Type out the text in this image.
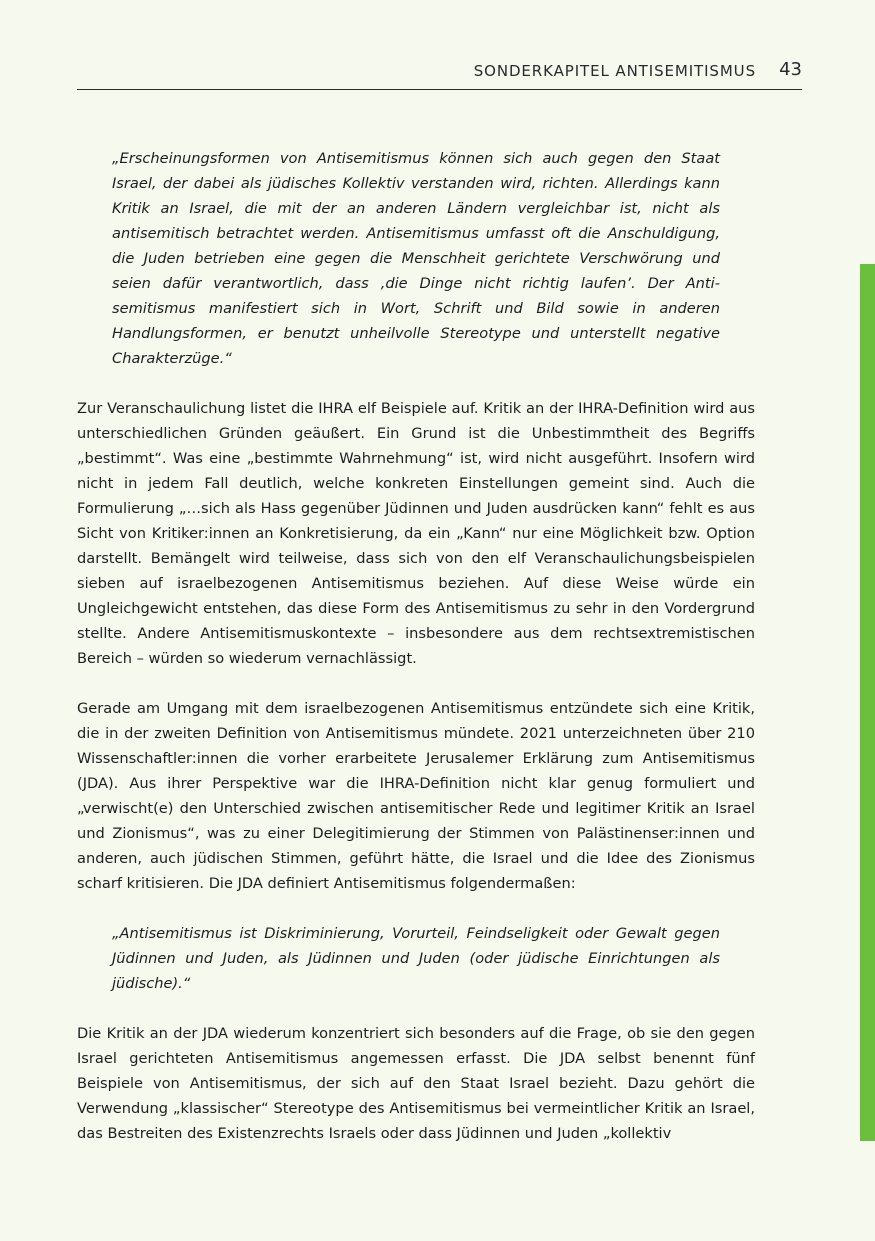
SONDERKAPITEL ANTISEMITISMUS 43

„Erscheinungsformen von Antisemitismus können sich auch gegen den Staat Israel, der dabei als jüdisches Kollektiv verstanden wird, richten. Allerdings kann Kritik an Israel, die mit der an anderen Ländern vergleichbar ist, nicht als antisemitisch betrachtet werden. Antisemitismus umfasst oft die Anschuldigung, die Juden betrieben eine gegen die Menschheit gerichtete Verschwörung und seien dafür verantwortlich, dass ‚die Dinge nicht richtig laufen’. Der Antisemitismus manifestiert sich in Wort, Schrift und Bild sowie in anderen Handlungsformen, er benutzt unheilvolle Stereotype und unterstellt negative Charakterzüge.“

Zur Veranschaulichung listet die IHRA elf Beispiele auf. Kritik an der IHRA-Definition wird aus unterschiedlichen Gründen geäußert. Ein Grund ist die Unbestimmtheit des Begriffs „bestimmt“. Was eine „bestimmte Wahrnehmung“ ist, wird nicht ausgeführt. Insofern wird nicht in jedem Fall deutlich, welche konkreten Einstellungen gemeint sind. Auch die Formulierung „…sich als Hass gegenüber Jüdinnen und Juden ausdrücken kann“ fehlt es aus Sicht von Kritiker:innen an Konkretisierung, da ein „Kann“ nur eine Möglichkeit bzw. Option darstellt. Bemängelt wird teilweise, dass sich von den elf Veranschaulichungsbeispielen sieben auf israelbezogenen Antisemitismus beziehen. Auf diese Weise würde ein Ungleichgewicht entstehen, das diese Form des Antisemitismus zu sehr in den Vordergrund stellte. Andere Antisemitismuskontexte – insbesondere aus dem rechtsextremistischen Bereich – würden so wiederum vernachlässigt.

Gerade am Umgang mit dem israelbezogenen Antisemitismus entzündete sich eine Kritik, die in der zweiten Definition von Antisemitismus mündete. 2021 unterzeichneten über 210 Wissenschaftler:innen die vorher erarbeitete Jerusalemer Erklärung zum Antisemitismus (JDA). Aus ihrer Perspektive war die IHRA-Definition nicht klar genug formuliert und „verwischt(e) den Unterschied zwischen antisemitischer Rede und legitimer Kritik an Israel und Zionismus“, was zu einer Delegitimierung der Stimmen von Palästinenser:innen und anderen, auch jüdischen Stimmen, geführt hätte, die Israel und die Idee des Zionismus scharf kritisieren. Die JDA definiert Antisemitismus folgendermaßen:

„Antisemitismus ist Diskriminierung, Vorurteil, Feindseligkeit oder Gewalt gegen Jüdinnen und Juden, als Jüdinnen und Juden (oder jüdische Einrichtungen als jüdische).“

Die Kritik an der JDA wiederum konzentriert sich besonders auf die Frage, ob sie den gegen Israel gerichteten Antisemitismus angemessen erfasst. Die JDA selbst benennt fünf Beispiele von Antisemitismus, der sich auf den Staat Israel bezieht. Dazu gehört die Verwendung „klassischer“ Stereotype des Antisemitismus bei vermeintlicher Kritik an Israel, das Bestreiten des Existenzrechts Israels oder dass Jüdinnen und Juden „kollektiv
